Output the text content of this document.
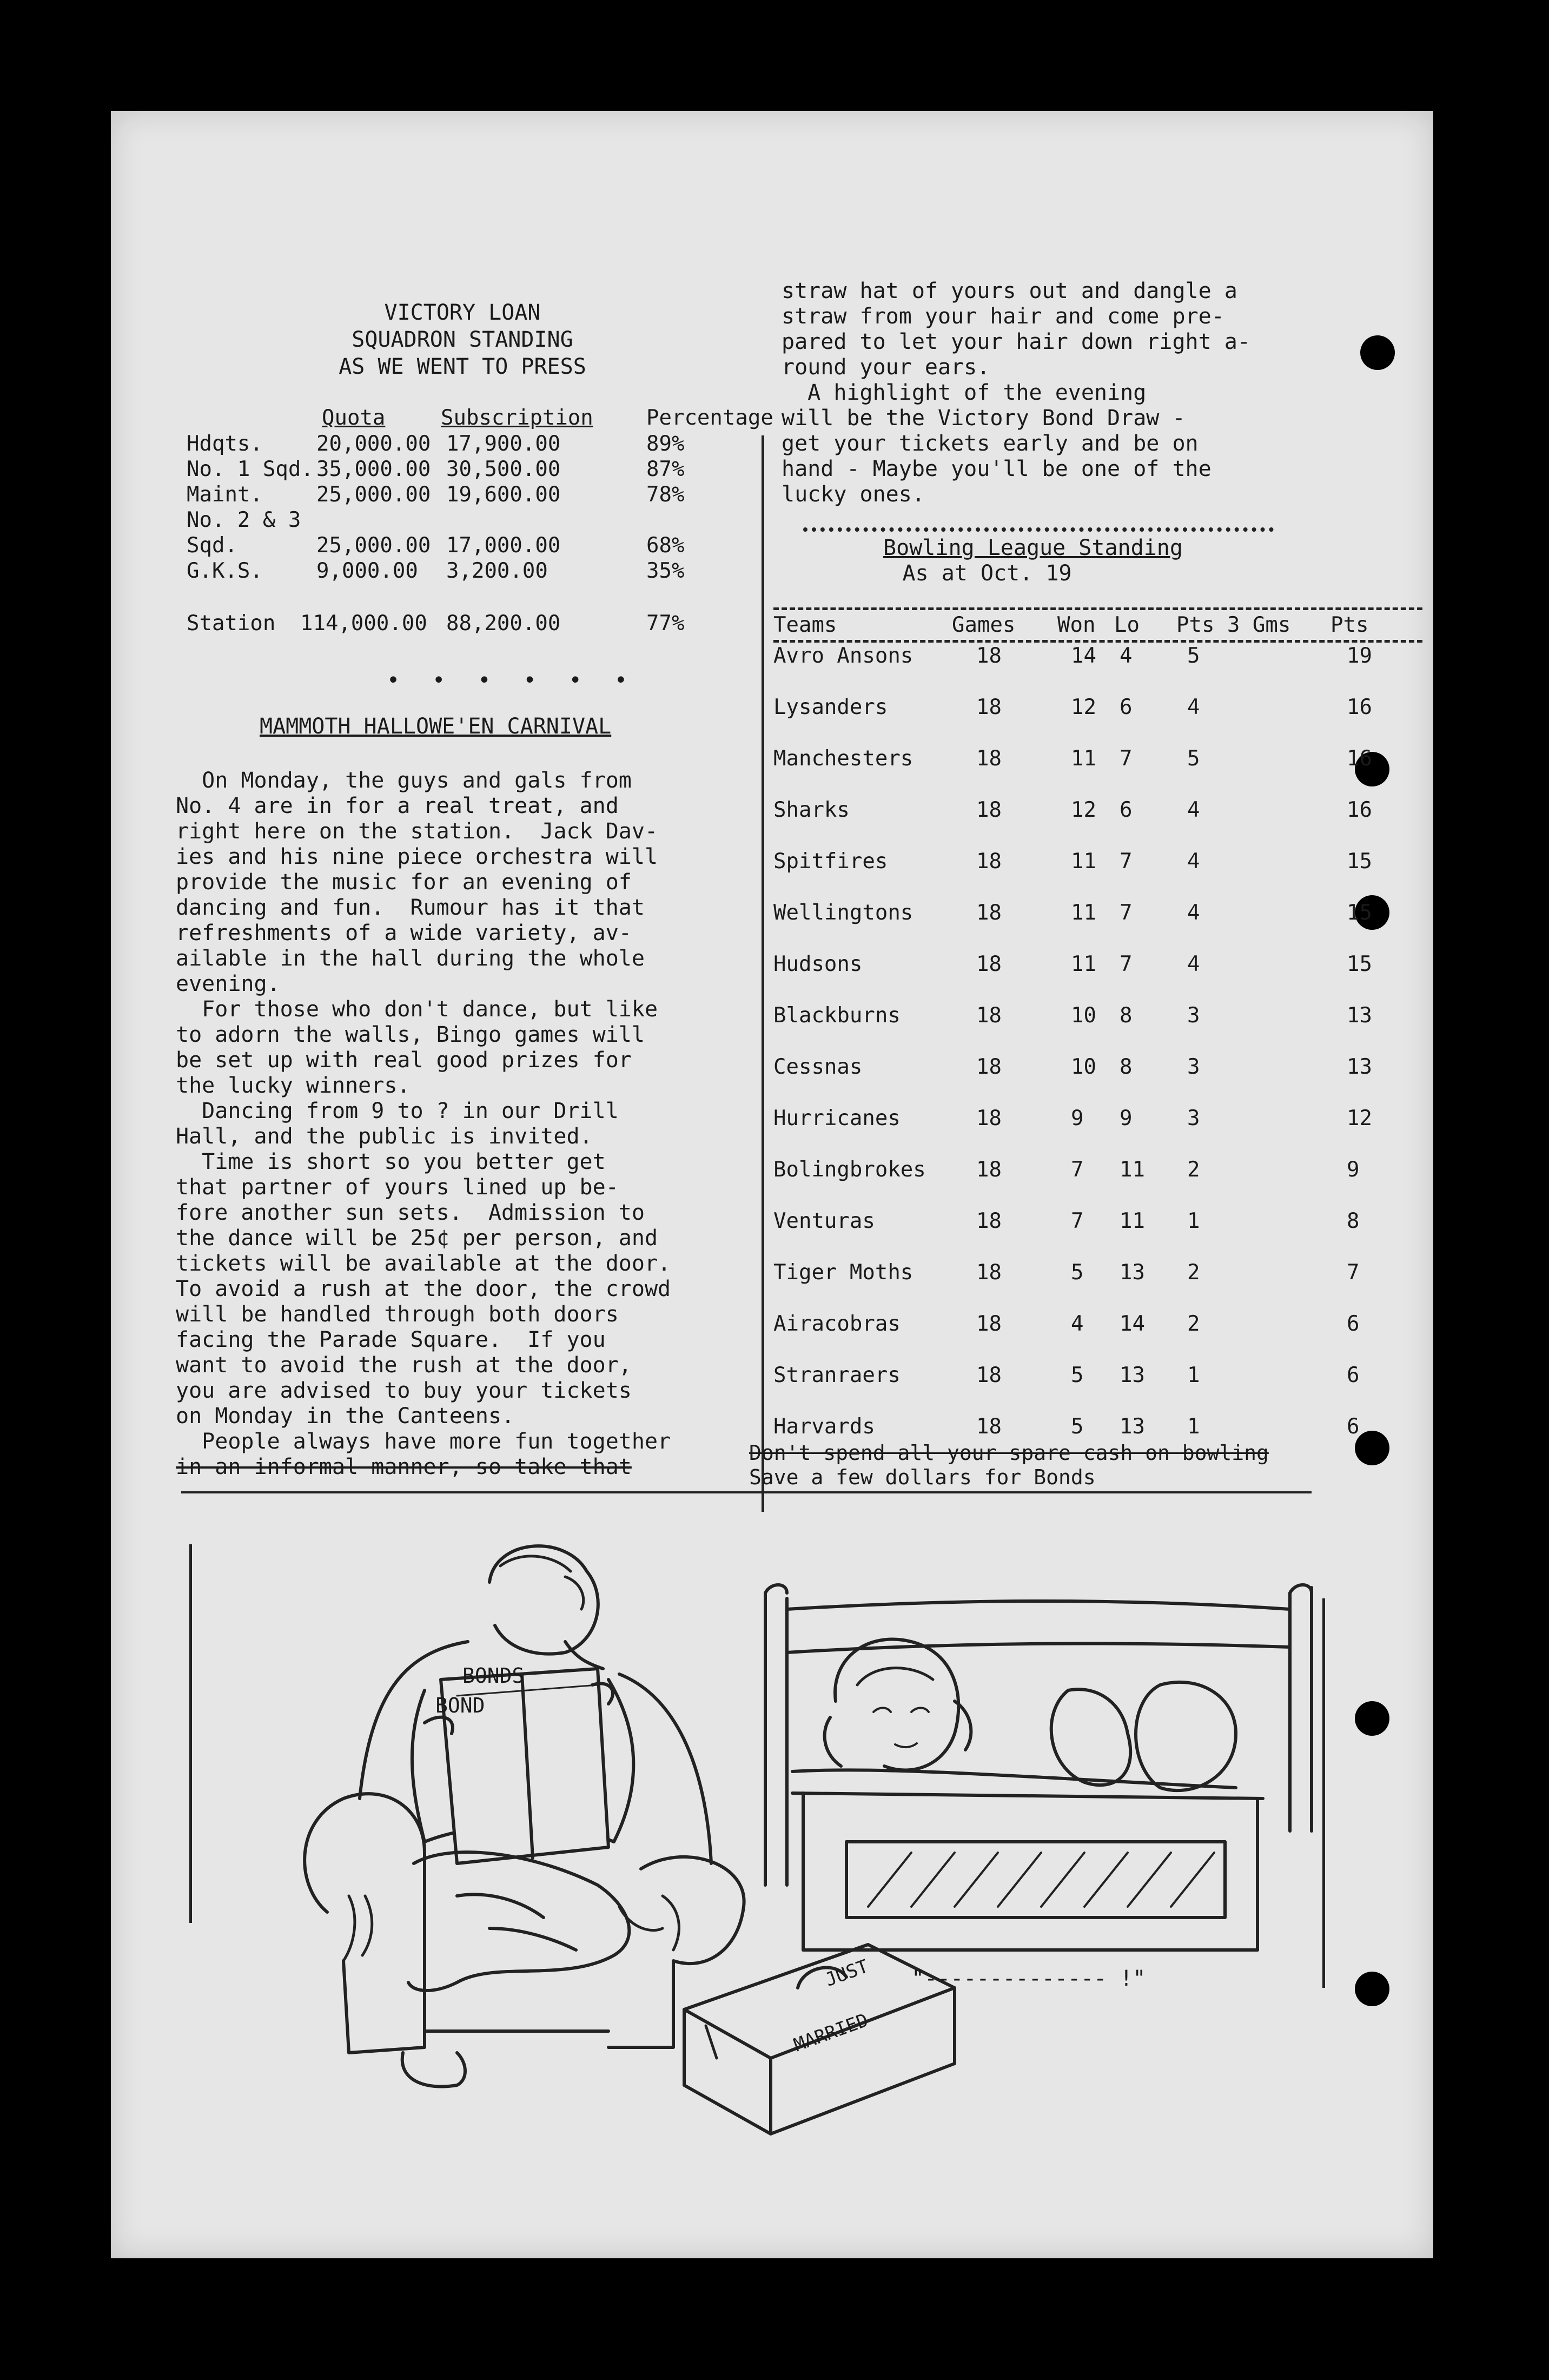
VICTORY LOAN
SQUADRON STANDING
AS WE WENT TO PRESS
Quota	Subscription	Percentage
Hdqts.	20,000.00 17,900.00	89%
No. 1 Sqd. 35,000.00 30,500.00	87%
Maint.	25,000.00 19,600.00	78%
No. 2 & 3
Sqd.	25,000.00 17,000.00	68%
G.K.S.	9,000.00 3,200.00	35%
Station 114,000.00 88,200.00	77%
• • • • • •
MAMMOTH HALLOWE'EN CARNIVAL
On Monday, the guys and gals from
No. 4 are in for a real treat, and
right here on the station.  Jack Dav-
ies and his nine piece orchestra will
provide the music for an evening of
dancing and fun.  Rumour has it that
refreshments of a wide variety, av-
ailable in the hall during the whole
evening.
For those who don't dance, but like
to adorn the walls, Bingo games will
be set up with real good prizes for
the lucky winners.
Dancing from 9 to ? in our Drill
Hall, and the public is invited.
Time is short so you better get
that partner of yours lined up be-
fore another sun sets.  Admission to
the dance will be 25¢ per person, and
tickets will be available at the door.
To avoid a rush at the door, the crowd
will be handled through both doors
facing the Parade Square.  If you
want to avoid the rush at the door,
you are advised to buy your tickets
on Monday in the Canteens.
People always have more fun together
in an informal manner, so take that
straw hat of yours out and dangle a
straw from your hair and come pre-
pared to let your hair down right a-
round your ears.
A highlight of the evening
will be the Victory Bond Draw -
get your tickets early and be on
hand - Maybe you'll be one of the
lucky ones.
Bowling League Standing
As at Oct. 19
Teams	Games Won Lo Pts 3 Gms Pts
Avro Ansons	18	14 4	5	19
Lysanders	18	12 6	4	16
Manchesters	18	11 7	5	16
Sharks	18	12 6	4	16
Spitfires	18	11 7	4	15
Wellingtons	18	11 7	4	15
Hudsons	18	11 7	4	15
Blackburns	18	10 8	3	13
Cessnas	18	10 8	3	13
Hurricanes	18	9 9	3	12
Bolingbrokes 18	7 11 2	9
Venturas	18	7 11 1	8
Tiger Moths	18	5 13 2	7
Airacobras	18	4 14 2	6
Stranraers	18	5 13 1	6
Harvards	18	5 13 1	6
Don't spend all your spare cash on bowling
Save a few dollars for Bonds
BONDS
BOND
JUST
MARRIED
"-------------- !"
